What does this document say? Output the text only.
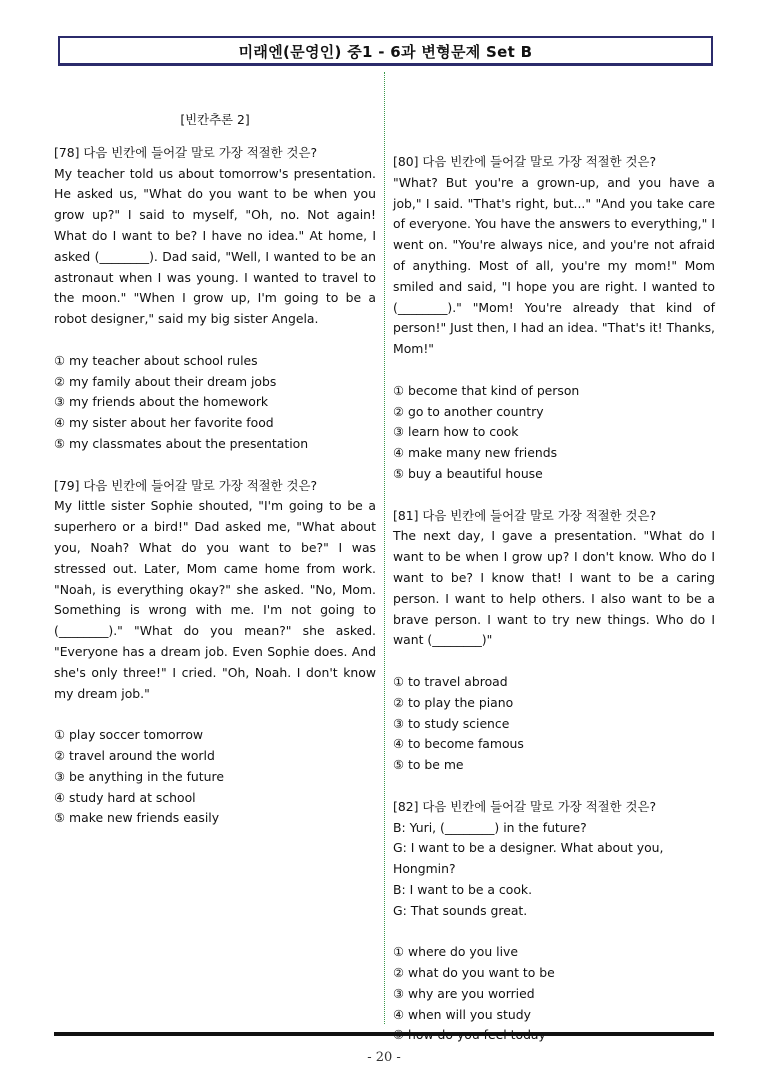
미래엔(문영인) 중1 - 6과 변형문제 Set B
[빈칸추론 2]

[78] 다음 빈칸에 들어갈 말로 가장 적절한 것은?

My teacher told us about tomorrow's presentation. He asked us, "What do you want to be when you grow up?" I said to myself, "Oh, no. Not again! What do I want to be? I have no idea." At home, I asked (________). Dad said, "Well, I wanted to be an astronaut when I was young. I wanted to travel to the moon." "When I grow up, I'm going to be a robot designer," said my big sister Angela.

① my teacher about school rules
② my family about their dream jobs
③ my friends about the homework
④ my sister about her favorite food
⑤ my classmates about the presentation

[79] 다음 빈칸에 들어갈 말로 가장 적절한 것은?

My little sister Sophie shouted, "I'm going to be a superhero or a bird!" Dad asked me, "What about you, Noah? What do you want to be?" I was stressed out. Later, Mom came home from work. "Noah, is everything okay?" she asked. "No, Mom. Something is wrong with me. I'm not going to (________)." "What do you mean?" she asked. "Everyone has a dream job. Even Sophie does. And she's only three!" I cried. "Oh, Noah. I don't know my dream job."

① play soccer tomorrow
② travel around the world
③ be anything in the future
④ study hard at school
⑤ make new friends easily

[80] 다음 빈칸에 들어갈 말로 가장 적절한 것은?

"What? But you're a grown-up, and you have a job," I said. "That's right, but..." "And you take care of everyone. You have the answers to everything," I went on. "You're always nice, and you're not afraid of anything. Most of all, you're my mom!" Mom smiled and said, "I hope you are right. I wanted to (________)." "Mom! You're already that kind of person!" Just then, I had an idea. "That's it! Thanks, Mom!"

① become that kind of person
② go to another country
③ learn how to cook
④ make many new friends
⑤ buy a beautiful house

[81] 다음 빈칸에 들어갈 말로 가장 적절한 것은?

The next day, I gave a presentation. "What do I want to be when I grow up? I don't know. Who do I want to be? I know that! I want to be a caring person. I want to help others. I also want to be a brave person. I want to try new things. Who do I want (________)"

① to travel abroad
② to play the piano
③ to study science
④ to become famous
⑤ to be me

[82] 다음 빈칸에 들어갈 말로 가장 적절한 것은?

B: Yuri, (________) in the future?

G: I want to be a designer. What about you, Hongmin?

B: I want to be a cook.

G: That sounds great.

① where do you live
② what do you want to be
③ why are you worried
④ when will you study
- 20 -
